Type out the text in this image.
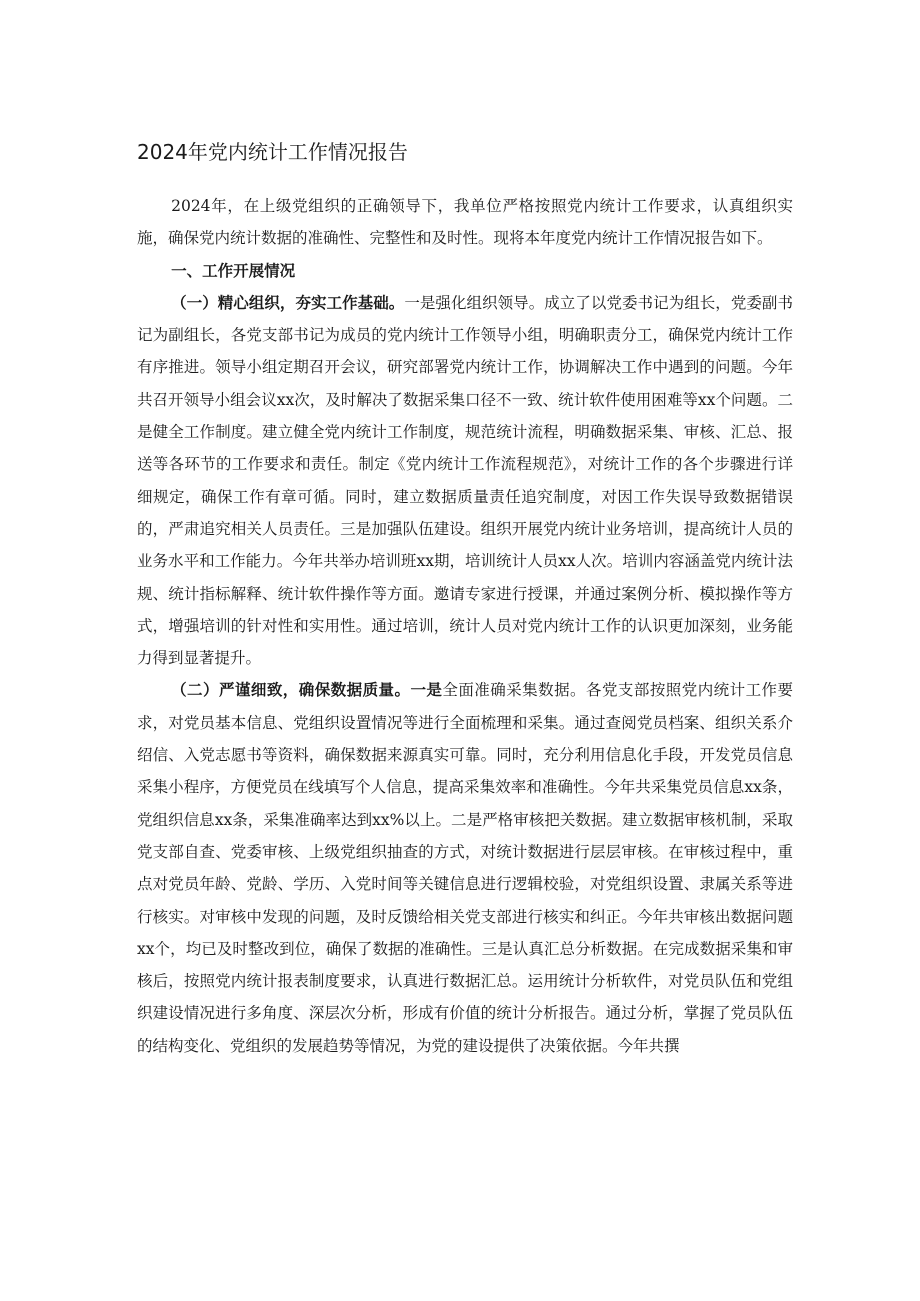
2024年党内统计工作情况报告

2024年，在上级党组织的正确领导下，我单位严格按照党内统计工作要求，认真组织实施，确保党内统计数据的准确性、完整性和及时性。现将本年度党内统计工作情况报告如下。

一、工作开展情况

（一）精心组织，夯实工作基础。一是强化组织领导。成立了以党委书记为组长，党委副书记为副组长，各党支部书记为成员的党内统计工作领导小组，明确职责分工，确保党内统计工作有序推进。领导小组定期召开会议，研究部署党内统计工作，协调解决工作中遇到的问题。今年共召开领导小组会议xx次，及时解决了数据采集口径不一致、统计软件使用困难等xx个问题。二是健全工作制度。建立健全党内统计工作制度，规范统计流程，明确数据采集、审核、汇总、报送等各环节的工作要求和责任。制定《党内统计工作流程规范》，对统计工作的各个步骤进行详细规定，确保工作有章可循。同时，建立数据质量责任追究制度，对因工作失误导致数据错误的，严肃追究相关人员责任。三是加强队伍建设。组织开展党内统计业务培训，提高统计人员的业务水平和工作能力。今年共举办培训班xx期，培训统计人员xx人次。培训内容涵盖党内统计法规、统计指标解释、统计软件操作等方面。邀请专家进行授课，并通过案例分析、模拟操作等方式，增强培训的针对性和实用性。通过培训，统计人员对党内统计工作的认识更加深刻，业务能力得到显著提升。

（二）严谨细致，确保数据质量。一是全面准确采集数据。各党支部按照党内统计工作要求，对党员基本信息、党组织设置情况等进行全面梳理和采集。通过查阅党员档案、组织关系介绍信、入党志愿书等资料，确保数据来源真实可靠。同时，充分利用信息化手段，开发党员信息采集小程序，方便党员在线填写个人信息，提高采集效率和准确性。今年共采集党员信息xx条，党组织信息xx条，采集准确率达到xx%以上。二是严格审核把关数据。建立数据审核机制，采取党支部自查、党委审核、上级党组织抽查的方式，对统计数据进行层层审核。在审核过程中，重点对党员年龄、党龄、学历、入党时间等关键信息进行逻辑校验，对党组织设置、隶属关系等进行核实。对审核中发现的问题，及时反馈给相关党支部进行核实和纠正。今年共审核出数据问题xx个，均已及时整改到位，确保了数据的准确性。三是认真汇总分析数据。在完成数据采集和审核后，按照党内统计报表制度要求，认真进行数据汇总。运用统计分析软件，对党员队伍和党组织建设情况进行多角度、深层次分析，形成有价值的统计分析报告。通过分析，掌握了党员队伍的结构变化、党组织的发展趋势等情况，为党的建设提供了决策依据。今年共撰
